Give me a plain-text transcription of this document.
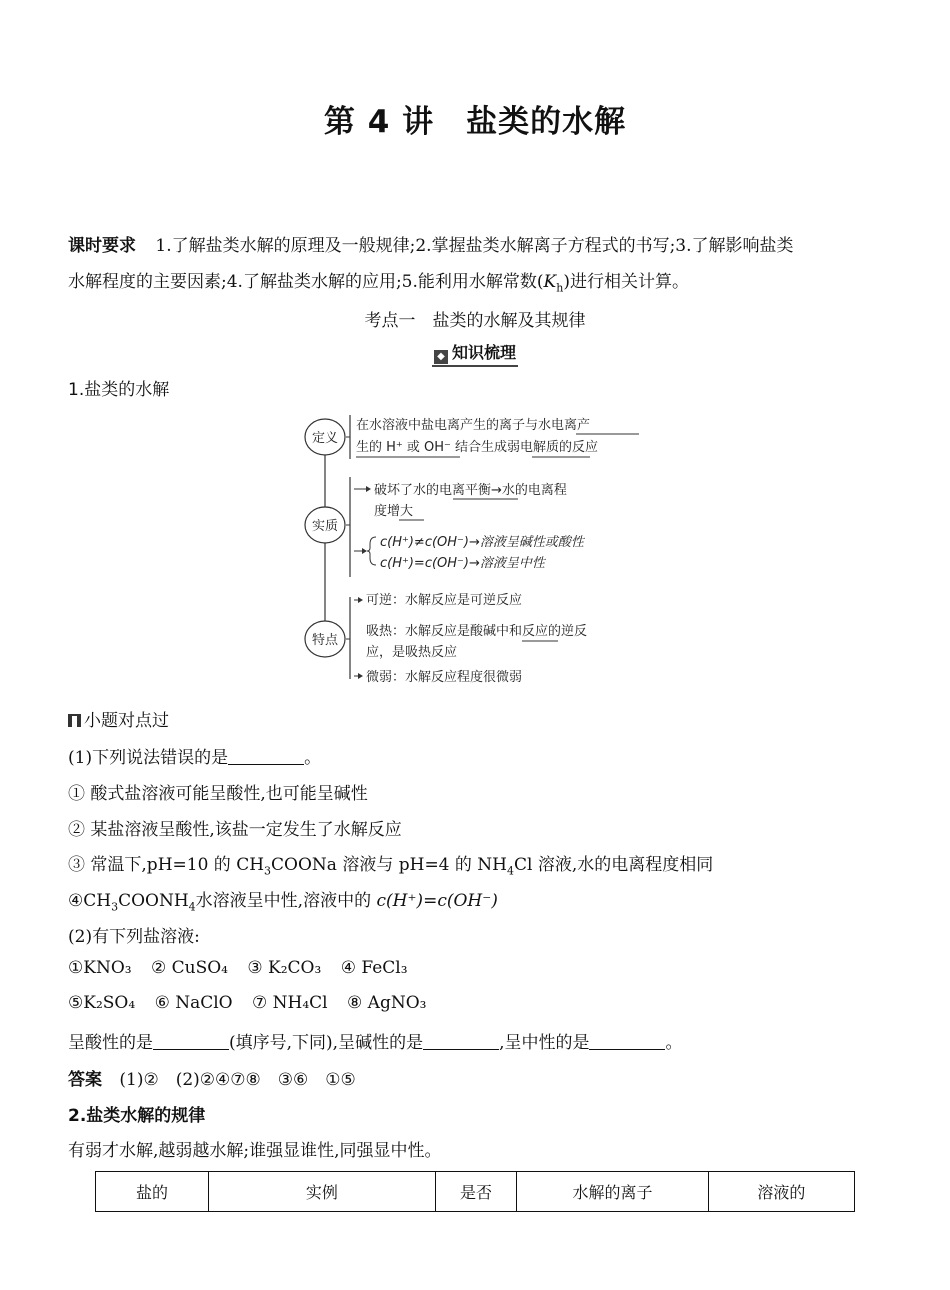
第 4 讲　盐类的水解
课时要求 1.了解盐类水解的原理及一般规律;2.掌握盐类水解离子方程式的书写;3.了解影响盐类
水解程度的主要因素;4.了解盐类水解的应用;5.能利用水解常数$(K_h)$进行相关计算。
考点一　盐类的水解及其规律
◆ 知识梳理
1.盐类的水解
定义
实质
特点
在水溶液中盐电离产生的离子与水电离产
生的 H⁺ 或 OH⁻ 结合生成弱电解质的反应
破坏了水的电离平衡→水的电离程
度增大
c(H⁺)≠c(OH⁻)→溶液呈碱性或酸性
c(H⁺)=c(OH⁻)→溶液呈中性
可逆：水解反应是可逆反应
吸热：水解反应是酸碱中和反应的逆反
应，是吸热反应
微弱：水解反应程度很微弱
小题对点过
(1)下列说法错误的是	。
① 酸式盐溶液可能呈酸性,也可能呈碱性
② 某盐溶液呈酸性,该盐一定发生了水解反应
③ 常温下,pH=10 的 $CH_3COONa$ 溶液与 pH=4 的 $NH_4Cl$ 溶液,水的电离程度相同
$④CH_3COONH_4$水溶液呈中性,溶液中的 c(H⁺)=c(OH⁻)
(2)有下列盐溶液:
①KNO₃ ② CuSO₄ ③ K₂CO₃ ④ FeCl₃
⑤K₂SO₄ ⑥ NaClO ⑦ NH₄Cl ⑧ AgNO₃
呈酸性的是	(填序号,下同),呈碱性的是	,呈中性的是	。
答案 (1)②　(2)②④⑦⑧　③⑥　①⑤
2.盐类水解的规律
有弱才水解,越弱越水解;谁强显谁性,同强显中性。
盐的	实例	是否	水解的离子	溶液的
